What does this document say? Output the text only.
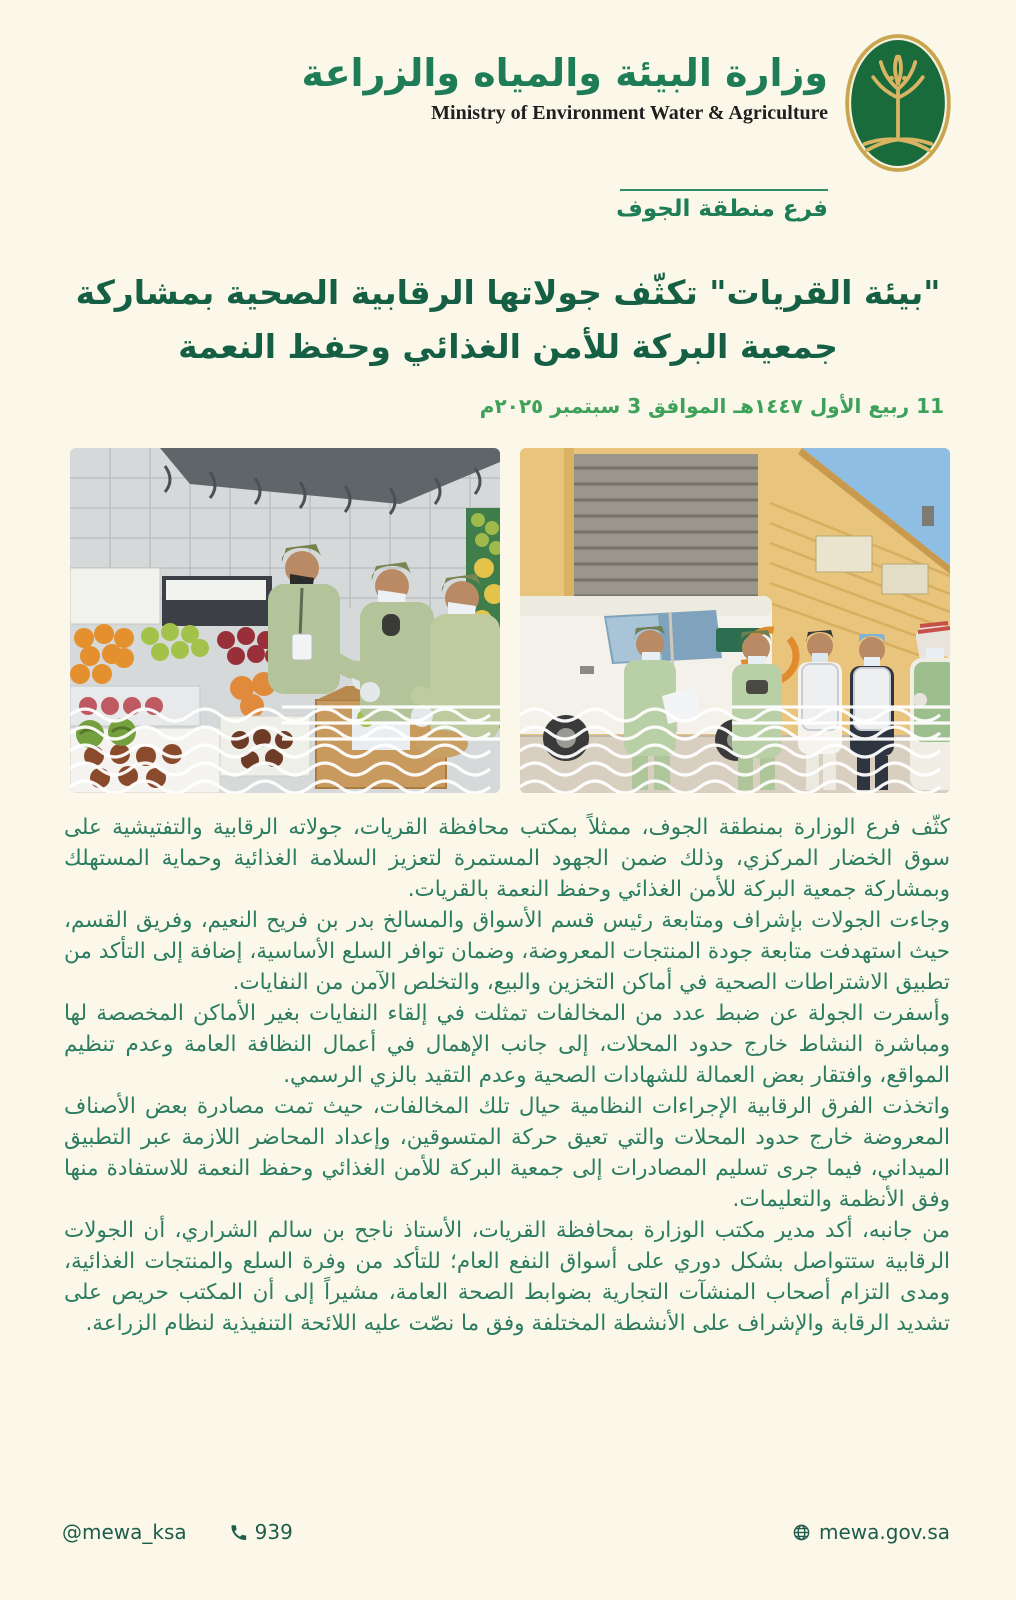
وزارة البيئة والمياه والزراعة
Ministry of Environment Water & Agriculture
فرع منطقة الجوف
"بيئة القريات" تكثّف جولاتها الرقابية الصحية بمشاركة جمعية البركة للأمن الغذائي وحفظ النعمة
11 ربيع الأول ١٤٤٧هـ الموافق 3 سبتمبر ٢٠٢٥م

كثّف فرع الوزارة بمنطقة الجوف، ممثلاً بمكتب محافظة القريات، جولاته الرقابية والتفتيشية على سوق الخضار المركزي، وذلك ضمن الجهود المستمرة لتعزيز السلامة الغذائية وحماية المستهلك وبمشاركة جمعية البركة للأمن الغذائي وحفظ النعمة بالقريات.

وجاءت الجولات بإشراف ومتابعة رئيس قسم الأسواق والمسالخ بدر بن فريح النعيم، وفريق القسم، حيث استهدفت متابعة جودة المنتجات المعروضة، وضمان توافر السلع الأساسية، إضافة إلى التأكد من تطبيق الاشتراطات الصحية في أماكن التخزين والبيع، والتخلص الآمن من النفايات.

وأسفرت الجولة عن ضبط عدد من المخالفات تمثلت في إلقاء النفايات بغير الأماكن المخصصة لها ومباشرة النشاط خارج حدود المحلات، إلى جانب الإهمال في أعمال النظافة العامة وعدم تنظيم المواقع، وافتقار بعض العمالة للشهادات الصحية وعدم التقيد بالزي الرسمي.

واتخذت الفرق الرقابية الإجراءات النظامية حيال تلك المخالفات، حيث تمت مصادرة بعض الأصناف المعروضة خارج حدود المحلات والتي تعيق حركة المتسوقين، وإعداد المحاضر اللازمة عبر التطبيق الميداني، فيما جرى تسليم المصادرات إلى جمعية البركة للأمن الغذائي وحفظ النعمة للاستفادة منها وفق الأنظمة والتعليمات.

من جانبه، أكد مدير مكتب الوزارة بمحافظة القريات، الأستاذ ناجح بن سالم الشراري، أن الجولات الرقابية ستتواصل بشكل دوري على أسواق النفع العام؛ للتأكد من وفرة السلع والمنتجات الغذائية، ومدى التزام أصحاب المنشآت التجارية بضوابط الصحة العامة، مشيراً إلى أن المكتب حريص على تشديد الرقابة والإشراف على الأنشطة المختلفة وفق ما نصّت عليه اللائحة التنفيذية لنظام الزراعة.

@mewa_ksa	939	mewa.gov.sa
